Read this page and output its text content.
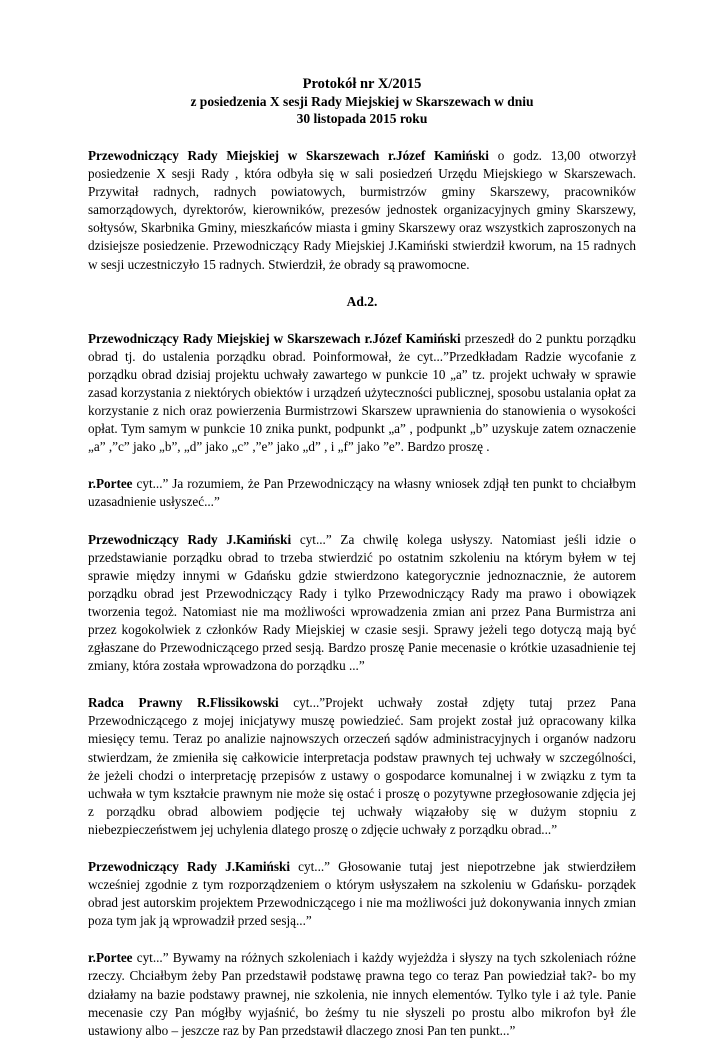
Protokół nr X/2015
z posiedzenia X sesji Rady Miejskiej w Skarszewach w dniu
30 listopada 2015 roku

Przewodniczący Rady Miejskiej w Skarszewach r.Józef Kamiński o godz. 13,00 otworzył posiedzenie X sesji Rady , która odbyła się w sali posiedzeń Urzędu Miejskiego w Skarszewach. Przywitał radnych, radnych powiatowych, burmistrzów gminy Skarszewy, pracowników samorządowych, dyrektorów, kierowników, prezesów jednostek organizacyjnych gminy Skarszewy, sołtysów, Skarbnika Gminy, mieszkańców miasta i gminy Skarszewy oraz wszystkich zaproszonych na dzisiejsze posiedzenie. Przewodniczący Rady Miejskiej J.Kamiński stwierdził kworum, na 15 radnych w sesji uczestniczyło 15 radnych. Stwierdził, że obrady są prawomocne.

Ad.2.

Przewodniczący Rady Miejskiej w Skarszewach r.Józef Kamiński przeszedł do 2 punktu porządku obrad tj. do ustalenia porządku obrad. Poinformował, że cyt...”Przedkładam Radzie wycofanie z porządku obrad dzisiaj projektu uchwały zawartego w punkcie 10 „a” tz. projekt uchwały w sprawie zasad korzystania z niektórych obiektów i urządzeń użyteczności publicznej, sposobu ustalania opłat za korzystanie z nich oraz powierzenia Burmistrzowi Skarszew uprawnienia do stanowienia o wysokości opłat. Tym samym w punkcie 10 znika punkt, podpunkt „a” , podpunkt „b” uzyskuje zatem oznaczenie „a” ,”c” jako „b”, „d” jako „c” ,”e” jako „d” , i „f” jako ”e”. Bardzo proszę .

r.Portee cyt...” Ja rozumiem, że Pan Przewodniczący na własny wniosek zdjął ten punkt to chciałbym uzasadnienie usłyszeć...”

Przewodniczący Rady J.Kamiński cyt...” Za chwilę kolega usłyszy. Natomiast jeśli idzie o przedstawianie porządku obrad to trzeba stwierdzić po ostatnim szkoleniu na którym byłem w tej sprawie między innymi w Gdańsku gdzie stwierdzono kategorycznie jednoznacznie, że autorem porządku obrad jest Przewodniczący Rady i tylko Przewodniczący Rady ma prawo i obowiązek tworzenia tegoż. Natomiast nie ma możliwości wprowadzenia zmian ani przez Pana Burmistrza ani przez kogokolwiek z członków Rady Miejskiej w czasie sesji. Sprawy jeżeli tego dotyczą mają być zgłaszane do Przewodniczącego przed sesją. Bardzo proszę Panie mecenasie o krótkie uzasadnienie tej zmiany, która została wprowadzona do porządku ...”

Radca Prawny R.Flissikowski cyt...”Projekt uchwały został zdjęty tutaj przez Pana Przewodniczącego z mojej inicjatywy muszę powiedzieć. Sam projekt został już opracowany kilka miesięcy temu. Teraz po analizie najnowszych orzeczeń sądów administracyjnych i organów nadzoru stwierdzam, że zmieniła się całkowicie interpretacja podstaw prawnych tej uchwały w szczególności, że jeżeli chodzi o interpretację przepisów z ustawy o gospodarce komunalnej i w związku z tym ta uchwała w tym kształcie prawnym nie może się ostać i proszę o pozytywne przegłosowanie zdjęcia jej z porządku obrad albowiem podjęcie tej uchwały wiązałoby się w dużym stopniu z niebezpieczeństwem jej uchylenia dlatego proszę o zdjęcie uchwały z porządku obrad...”

Przewodniczący Rady J.Kamiński cyt...” Głosowanie tutaj jest niepotrzebne jak stwierdziłem wcześniej zgodnie z tym rozporządzeniem o którym usłyszałem na szkoleniu w Gdańsku- porządek obrad jest autorskim projektem Przewodniczącego i nie ma możliwości już dokonywania innych zmian poza tym jak ją wprowadził przed sesją...”

r.Portee cyt...” Bywamy na różnych szkoleniach i każdy wyjeżdża i słyszy na tych szkoleniach różne rzeczy. Chciałbym żeby Pan przedstawił podstawę prawna tego co teraz Pan powiedział tak?- bo my działamy na bazie podstawy prawnej, nie szkolenia, nie innych elementów. Tylko tyle i aż tyle. Panie mecenasie czy Pan mógłby wyjaśnić, bo żeśmy tu nie słyszeli po prostu albo mikrofon był źle ustawiony albo – jeszcze raz by Pan przedstawił dlaczego znosi Pan ten punkt...”
